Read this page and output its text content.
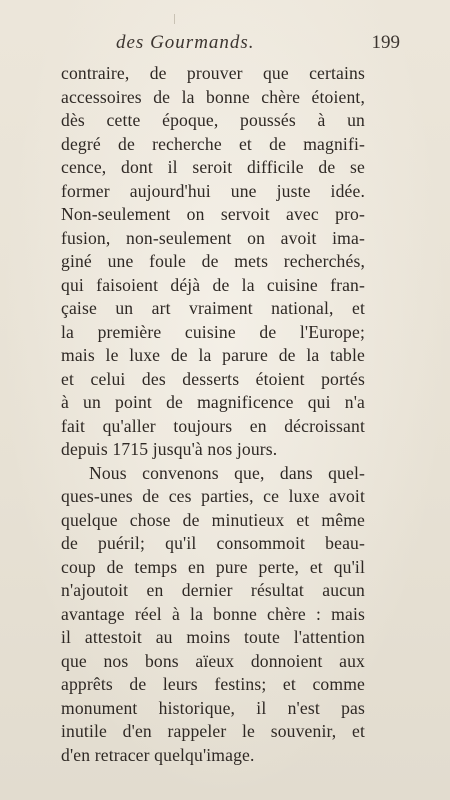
des Gourmands.	199
contraire, de prouver que certains
accessoires de la bonne chère étoient,
dès cette époque, poussés à un
degré de recherche et de magnifi-
cence, dont il seroit difficile de se
former aujourd'hui une juste idée.
Non-seulement on servoit avec pro-
fusion, non-seulement on avoit ima-
giné une foule de mets recherchés,
qui faisoient déjà de la cuisine fran-
çaise un art vraiment national, et
la première cuisine de l'Europe;
mais le luxe de la parure de la table
et celui des desserts étoient portés
à un point de magnificence qui n'a
fait qu'aller toujours en décroissant
depuis 1715 jusqu'à nos jours.
Nous convenons que, dans quel-
ques-unes de ces parties, ce luxe avoit
quelque chose de minutieux et même
de puéril; qu'il consommoit beau-
coup de temps en pure perte, et qu'il
n'ajoutoit en dernier résultat aucun
avantage réel à la bonne chère : mais
il attestoit au moins toute l'attention
que nos bons aïeux donnoient aux
apprêts de leurs festins; et comme
monument historique, il n'est pas
inutile d'en rappeler le souvenir, et
d'en retracer quelqu'image.
